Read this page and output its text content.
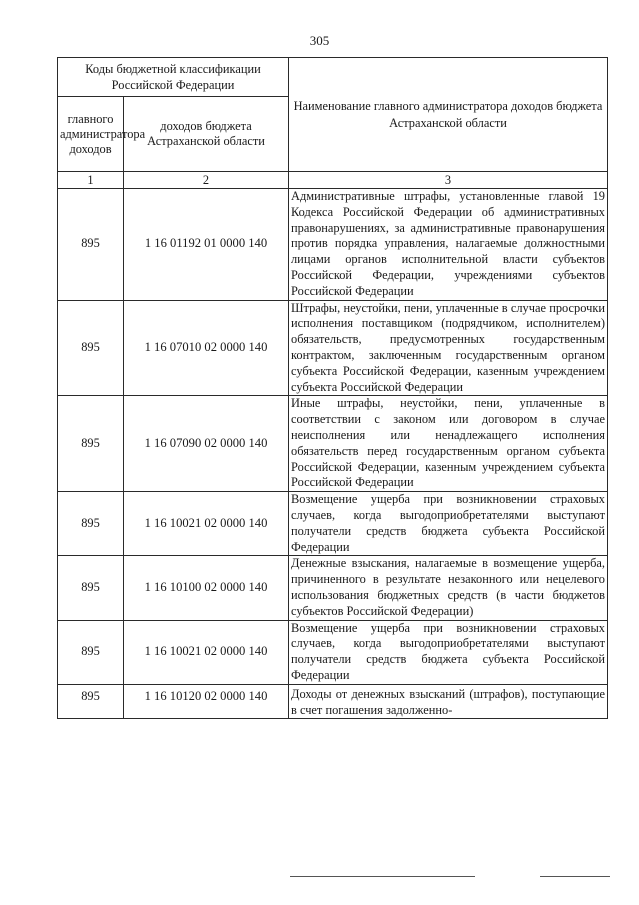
305
Коды бюджетной классификации Российской Федерации		Наименование главного администратора доходов бюджета Астраханской области
главного администратора доходов	доходов бюджета Астраханской области	
1	2	3
895	1 16 01192 01 0000 140	Административные штрафы, установленные главой 19 Кодекса Российской Федерации об административных правонарушениях, за административные правонарушения против порядка управления, налагаемые должностными лицами органов исполнительной власти субъектов Российской Федерации, учреждениями субъектов Российской Федерации
895	1 16 07010 02 0000 140	Штрафы, неустойки, пени, уплаченные в случае просрочки исполнения поставщиком (подрядчиком, исполнителем) обязательств, предусмотренных государственным контрактом, заключенным государственным органом субъекта Российской Федерации, казенным учреждением субъекта Российской Федерации
895	1 16 07090 02 0000 140	Иные штрафы, неустойки, пени, уплаченные в соответствии с законом или договором в случае неисполнения или ненадлежащего исполнения обязательств перед государственным органом субъекта Российской Федерации, казенным учреждением субъекта Российской Федерации
895	1 16 10021 02 0000 140	Возмещение ущерба при возникновении страховых случаев, когда выгодоприобретателями выступают получатели средств бюджета субъекта Российской Федерации
895	1 16 10100 02 0000 140	Денежные взыскания, налагаемые в возмещение ущерба, причиненного в результате незаконного или нецелевого использования бюджетных средств (в части бюджетов субъектов Российской Федерации)
895	1 16 10021 02 0000 140	Возмещение ущерба при возникновении страховых случаев, когда выгодоприобретателями выступают получатели средств бюджета субъекта Российской Федерации
895	1 16 10120 02 0000 140	Доходы от денежных взысканий (штрафов), поступающие в счет погашения задолженно-
